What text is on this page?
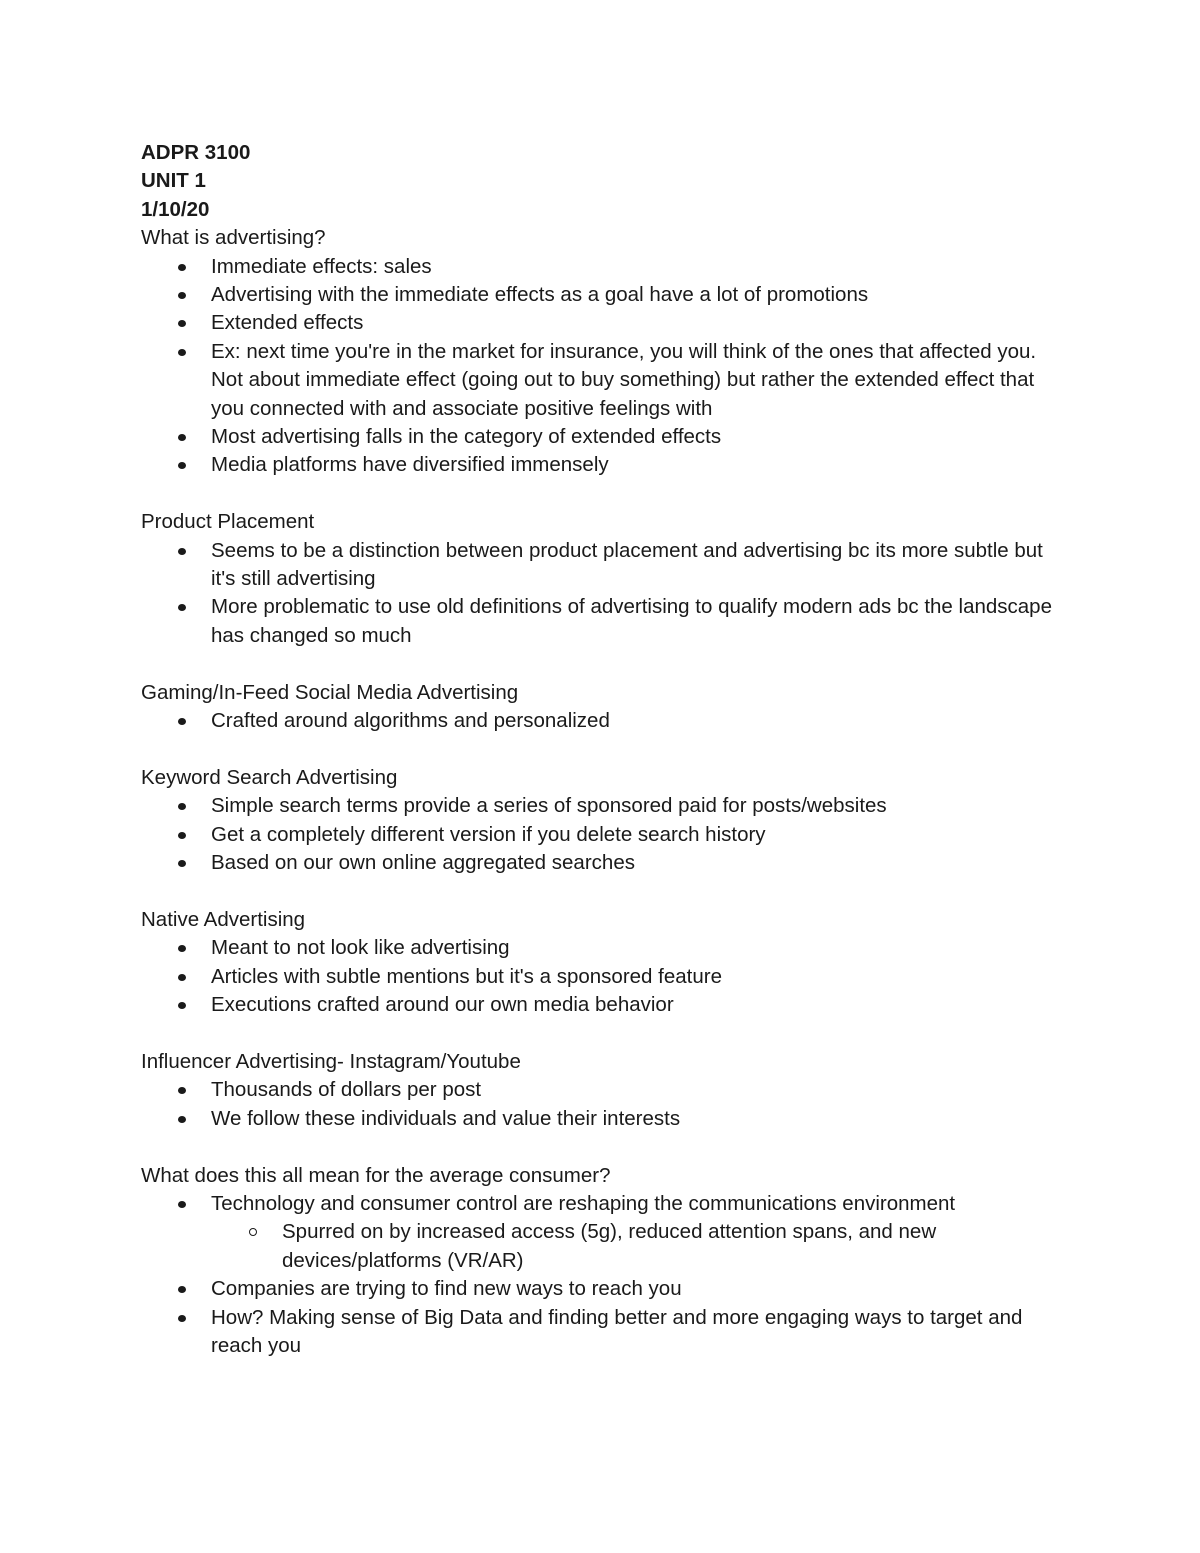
ADPR 3100
UNIT 1
1/10/20
What is advertising?
Immediate effects: sales
Advertising with the immediate effects as a goal have a lot of promotions
Extended effects
Ex: next time you're in the market for insurance, you will think of the ones that affected you. Not about immediate effect (going out to buy something) but rather the extended effect that you connected with and associate positive feelings with
Most advertising falls in the category of extended effects
Media platforms have diversified immensely
Product Placement
Seems to be a distinction between product placement and advertising bc its more subtle but it's still advertising
More problematic to use old definitions of advertising to qualify modern ads bc the landscape has changed so much
Gaming/In-Feed Social Media Advertising
Crafted around algorithms and personalized
Keyword Search Advertising
Simple search terms provide a series of sponsored paid for posts/websites
Get a completely different version if you delete search history
Based on our own online aggregated searches
Native Advertising
Meant to not look like advertising
Articles with subtle mentions but it's a sponsored feature
Executions crafted around our own media behavior
Influencer Advertising- Instagram/Youtube
Thousands of dollars per post
We follow these individuals and value their interests
What does this all mean for the average consumer?
Technology and consumer control are reshaping the communications environment
Spurred on by increased access (5g), reduced attention spans, and new devices/platforms (VR/AR)
Companies are trying to find new ways to reach you
How? Making sense of Big Data and finding better and more engaging ways to target and reach you
